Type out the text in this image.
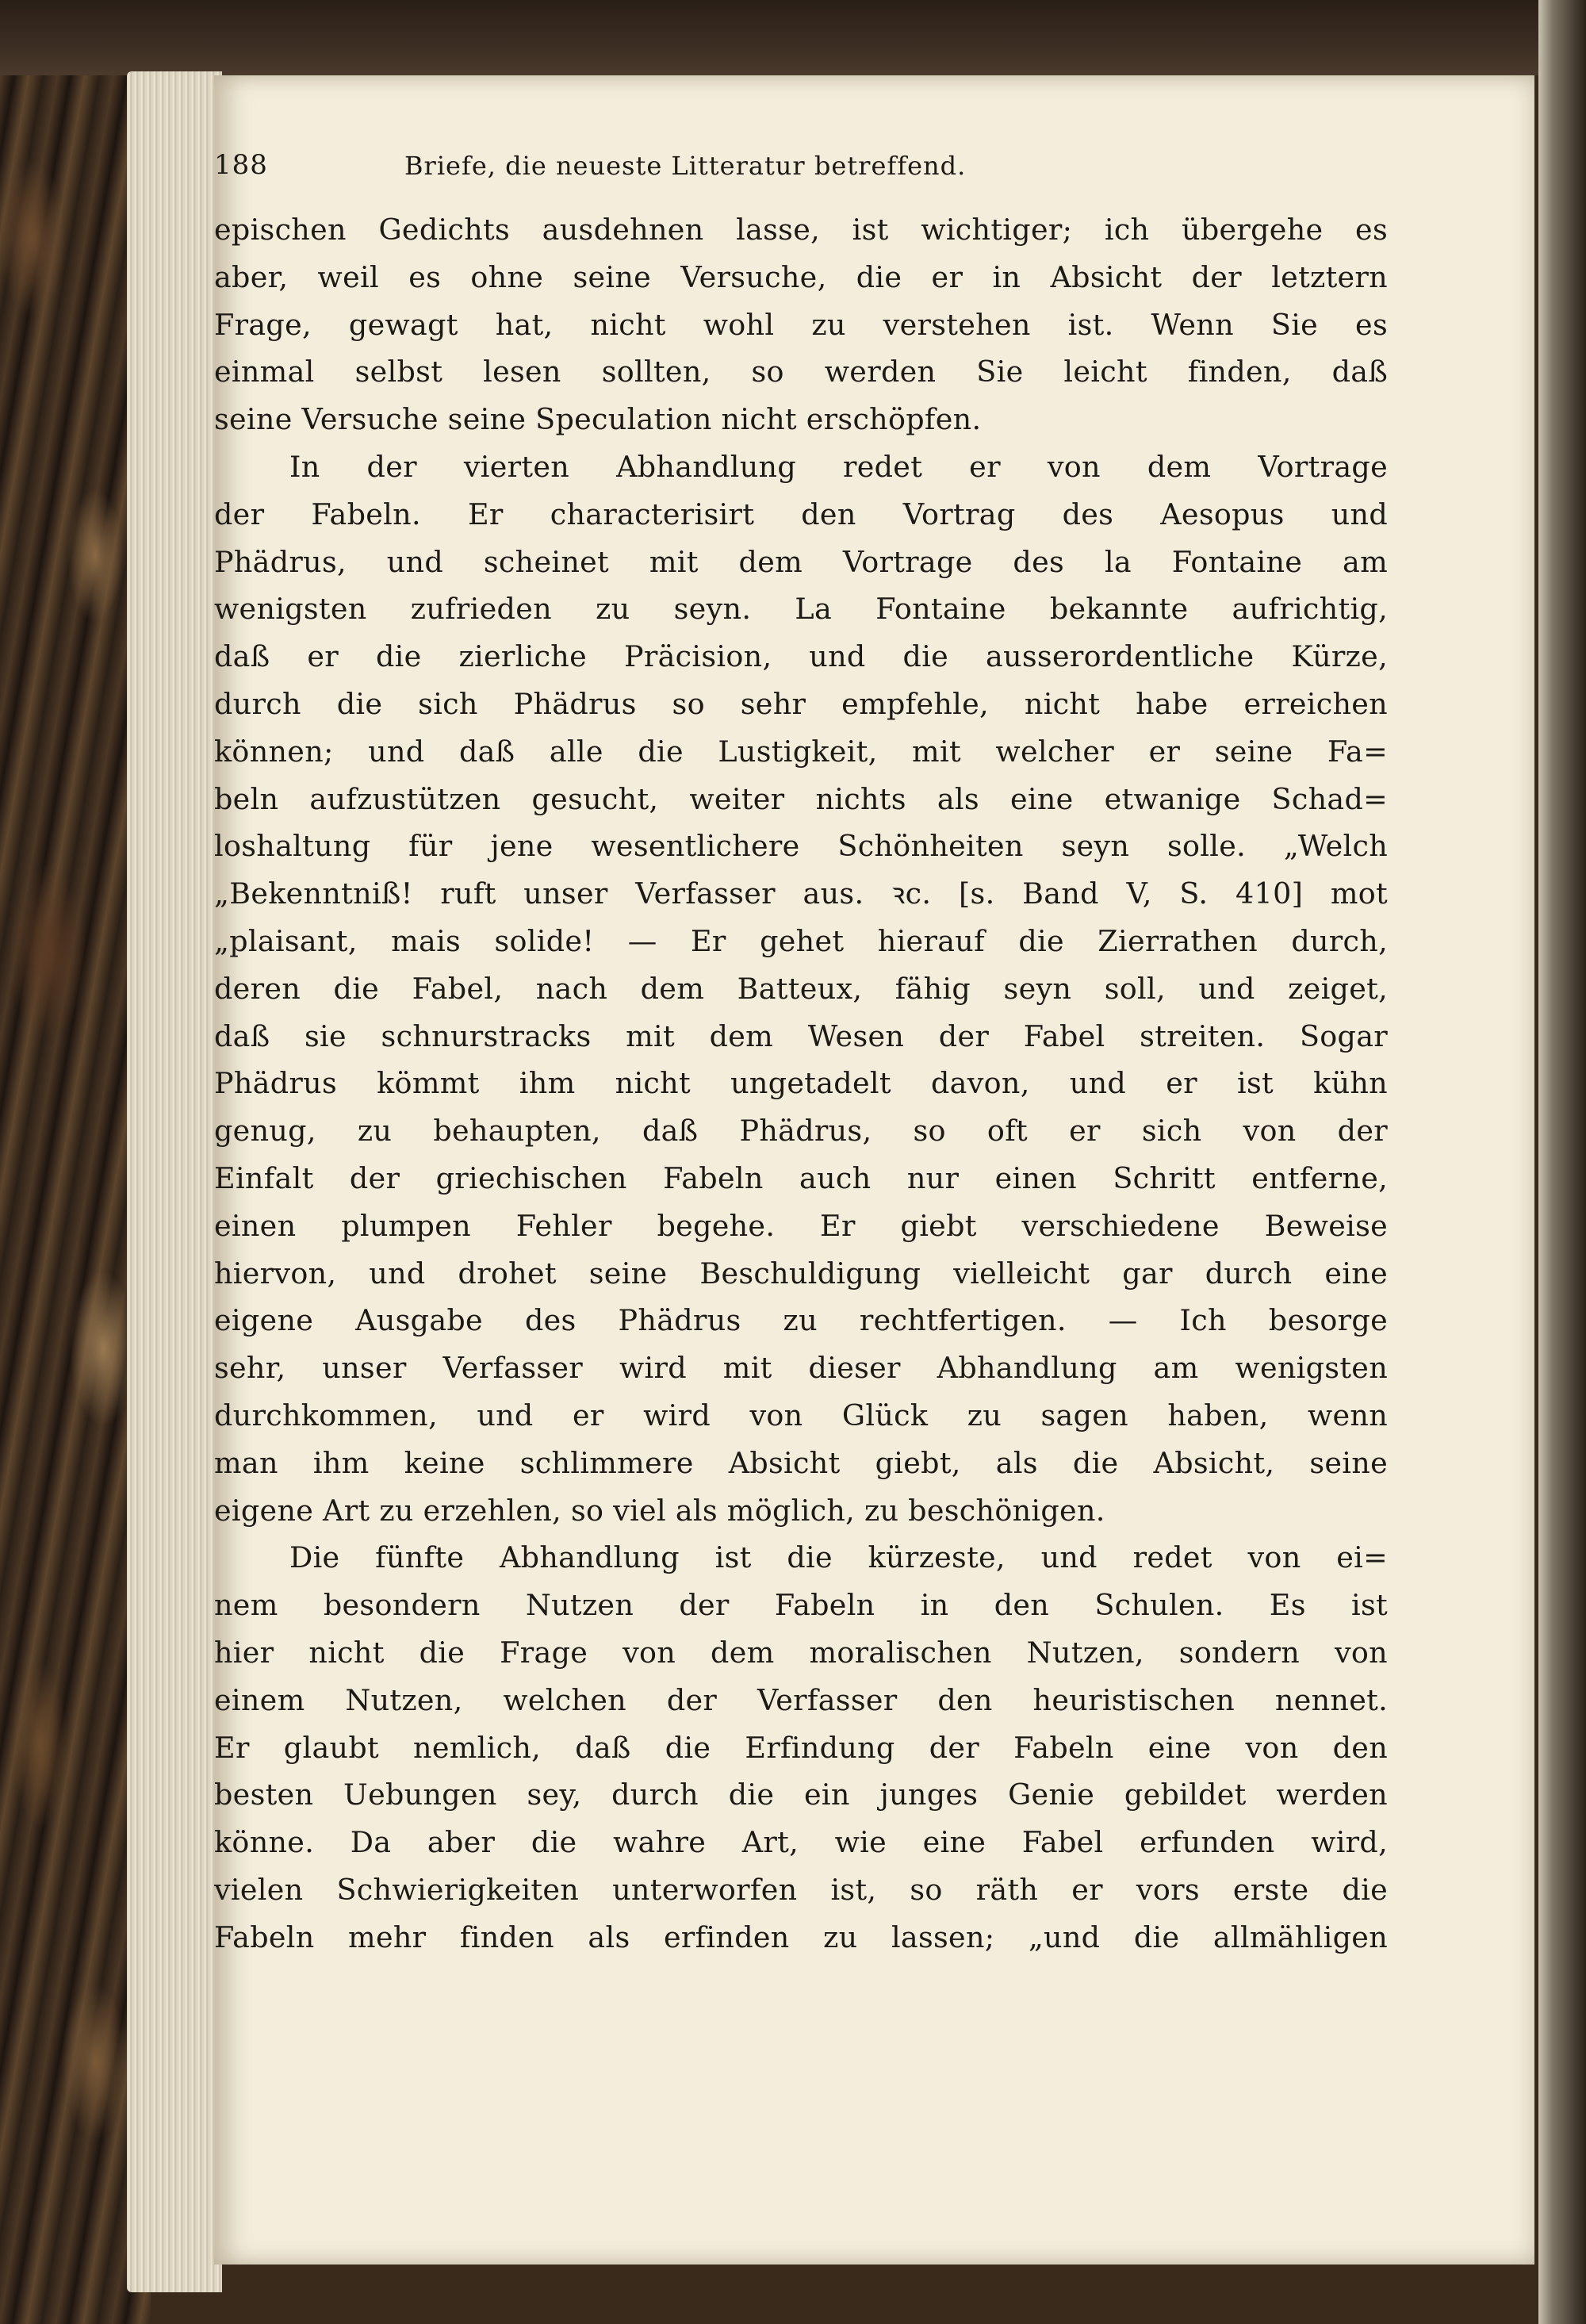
188	Briefe, die neueste Litteratur betreffend.
epischen Gedichts ausdehnen lasse, ist wichtiger; ich übergehe es
aber, weil es ohne seine Versuche, die er in Absicht der letztern
Frage, gewagt hat, nicht wohl zu verstehen ist. Wenn Sie es
einmal selbst lesen sollten, so werden Sie leicht finden, daß
seine Versuche seine Speculation nicht erschöpfen.
In der vierten Abhandlung redet er von dem Vortrage
der Fabeln. Er characterisirt den Vortrag des Aesopus und
Phädrus, und scheinet mit dem Vortrage des la Fontaine am
wenigsten zufrieden zu seyn. La Fontaine bekannte aufrichtig,
daß er die zierliche Präcision, und die ausserordentliche Kürze,
durch die sich Phädrus so sehr empfehle, nicht habe erreichen
können; und daß alle die Lustigkeit, mit welcher er seine Fa=
beln aufzustützen gesucht, weiter nichts als eine etwanige Schad=
loshaltung für jene wesentlichere Schönheiten seyn solle. „Welch
„Bekenntniß! ruft unser Verfasser aus. ꝛc. [s. Band V, S. 410] mot
„plaisant, mais solide! — Er gehet hierauf die Zierrathen durch,
deren die Fabel, nach dem Batteux, fähig seyn soll, und zeiget,
daß sie schnurstracks mit dem Wesen der Fabel streiten. Sogar
Phädrus kömmt ihm nicht ungetadelt davon, und er ist kühn
genug, zu behaupten, daß Phädrus, so oft er sich von der
Einfalt der griechischen Fabeln auch nur einen Schritt entferne,
einen plumpen Fehler begehe. Er giebt verschiedene Beweise
hiervon, und drohet seine Beschuldigung vielleicht gar durch eine
eigene Ausgabe des Phädrus zu rechtfertigen. — Ich besorge
sehr, unser Verfasser wird mit dieser Abhandlung am wenigsten
durchkommen, und er wird von Glück zu sagen haben, wenn
man ihm keine schlimmere Absicht giebt, als die Absicht, seine
eigene Art zu erzehlen, so viel als möglich, zu beschönigen.
Die fünfte Abhandlung ist die kürzeste, und redet von ei=
nem besondern Nutzen der Fabeln in den Schulen. Es ist
hier nicht die Frage von dem moralischen Nutzen, sondern von
einem Nutzen, welchen der Verfasser den heuristischen nennet.
Er glaubt nemlich, daß die Erfindung der Fabeln eine von den
besten Uebungen sey, durch die ein junges Genie gebildet werden
könne. Da aber die wahre Art, wie eine Fabel erfunden wird,
vielen Schwierigkeiten unterworfen ist, so räth er vors erste die
Fabeln mehr finden als erfinden zu lassen; „und die allmähligen
